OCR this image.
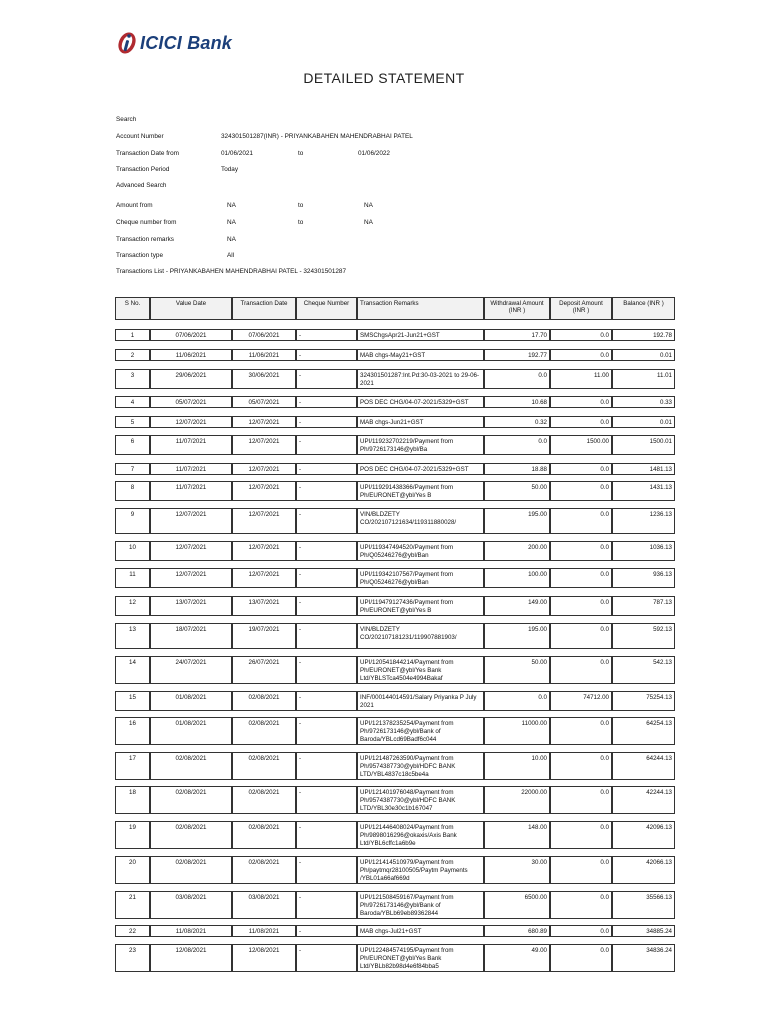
ICICI Bank
DETAILED STATEMENT
Search
Account Number	324301501287(INR) - PRIYANKABAHEN MAHENDRABHAI PATEL
Transaction Date from	01/06/2021	to	01/06/2022
Transaction Period	Today
Advanced Search
Amount from	NA	to	NA
Cheque number from	NA	to	NA
Transaction remarks	NA
Transaction type	All
Transactions List - PRIYANKABAHEN MAHENDRABHAI PATEL - 324301501287
S No.	Value Date	Transaction Date	Cheque Number	Transaction Remarks	Withdrawal Amount (INR )	Deposit Amount (INR )	Balance (INR )

1	07/06/2021	07/06/2021	-	SMSChgsApr21-Jun21+GST	17.70	0.0	192.78

2	11/06/2021	11/06/2021	-	MAB chgs-May21+GST	192.77	0.0	0.01

3	29/06/2021	30/06/2021	-	324301501287:Int.Pd:30-03-2021 to 29-06-2021	0.0	11.00	11.01

4	05/07/2021	05/07/2021	-	POS DEC CHG/04-07-2021/5329+GST	10.68	0.0	0.33

5	12/07/2021	12/07/2021	-	MAB chgs-Jun21+GST	0.32	0.0	0.01

6	11/07/2021	12/07/2021	-	UPI/119232702219/Payment from Ph/9726173146@ybl/Ba	0.0	1500.00	1500.01

7	11/07/2021	12/07/2021	-	POS DEC CHG/04-07-2021/5329+GST	18.88	0.0	1481.13

8	11/07/2021	12/07/2021	-	UPI/119291438366/Payment from Ph/EURONET@ybl/Yes B	50.00	0.0	1431.13

9	12/07/2021	12/07/2021	-	VIN/BLDZETY CO/202107121634/119311880028/	195.00	0.0	1236.13

10	12/07/2021	12/07/2021	-	UPI/119347494520/Payment from Ph/Q05246276@ybl/Ban	200.00	0.0	1036.13

11	12/07/2021	12/07/2021	-	UPI/119342107567/Payment from Ph/Q05246276@ybl/Ban	100.00	0.0	936.13

12	13/07/2021	13/07/2021	-	UPI/119479127436/Payment from Ph/EURONET@ybl/Yes B	149.00	0.0	787.13

13	18/07/2021	19/07/2021	-	VIN/BLDZETY CO/202107181231/119907881903/	195.00	0.0	592.13

14	24/07/2021	26/07/2021	-	UPI/120541844214/Payment from Ph/EURONET@ybl/Yes Bank Ltd/YBLSTca4504e4994Bakaf	50.00	0.0	542.13

15	01/08/2021	02/08/2021	-	INF/000144014591/Salary Priyanka P July 2021	0.0	74712.00	75254.13

16	01/08/2021	02/08/2021	-	UPI/121378235254/Payment from Ph/9726173146@ybl/Bank of Baroda/YBLcd69Badf6c044	11000.00	0.0	64254.13

17	02/08/2021	02/08/2021	-	UPI/121487263590/Payment from Ph/9574387730@ybl/HDFC BANK LTD/YBL4837c18c5be4a	10.00	0.0	64244.13

18	02/08/2021	02/08/2021	-	UPI/121401976048/Payment from Ph/9574387730@ybl/HDFC BANK LTD/YBL30e30c1b167047	22000.00	0.0	42244.13

19	02/08/2021	02/08/2021	-	UPI/121446408024/Payment from Ph/9898016296@okaxis/Axis Bank Ltd/YBL6cffc1a6b9e	148.00	0.0	42096.13

20	02/08/2021	02/08/2021	-	UPI/121414510979/Payment from Ph/paytmqr28100505/Paytm Payments /YBL01a66af669d	30.00	0.0	42066.13

21	03/08/2021	03/08/2021	-	UPI/121508459167/Payment from Ph/9726173146@ybl/Bank of Baroda/YBLb69eb89362844	6500.00	0.0	35566.13

22	11/08/2021	11/08/2021	-	MAB chgs-Jul21+GST	680.89	0.0	34885.24

23	12/08/2021	12/08/2021	-	UPI/122484574195/Payment from Ph/EURONET@ybl/Yes Bank Ltd/YBLb82b98d4e6f84bba5	49.00	0.0	34836.24
